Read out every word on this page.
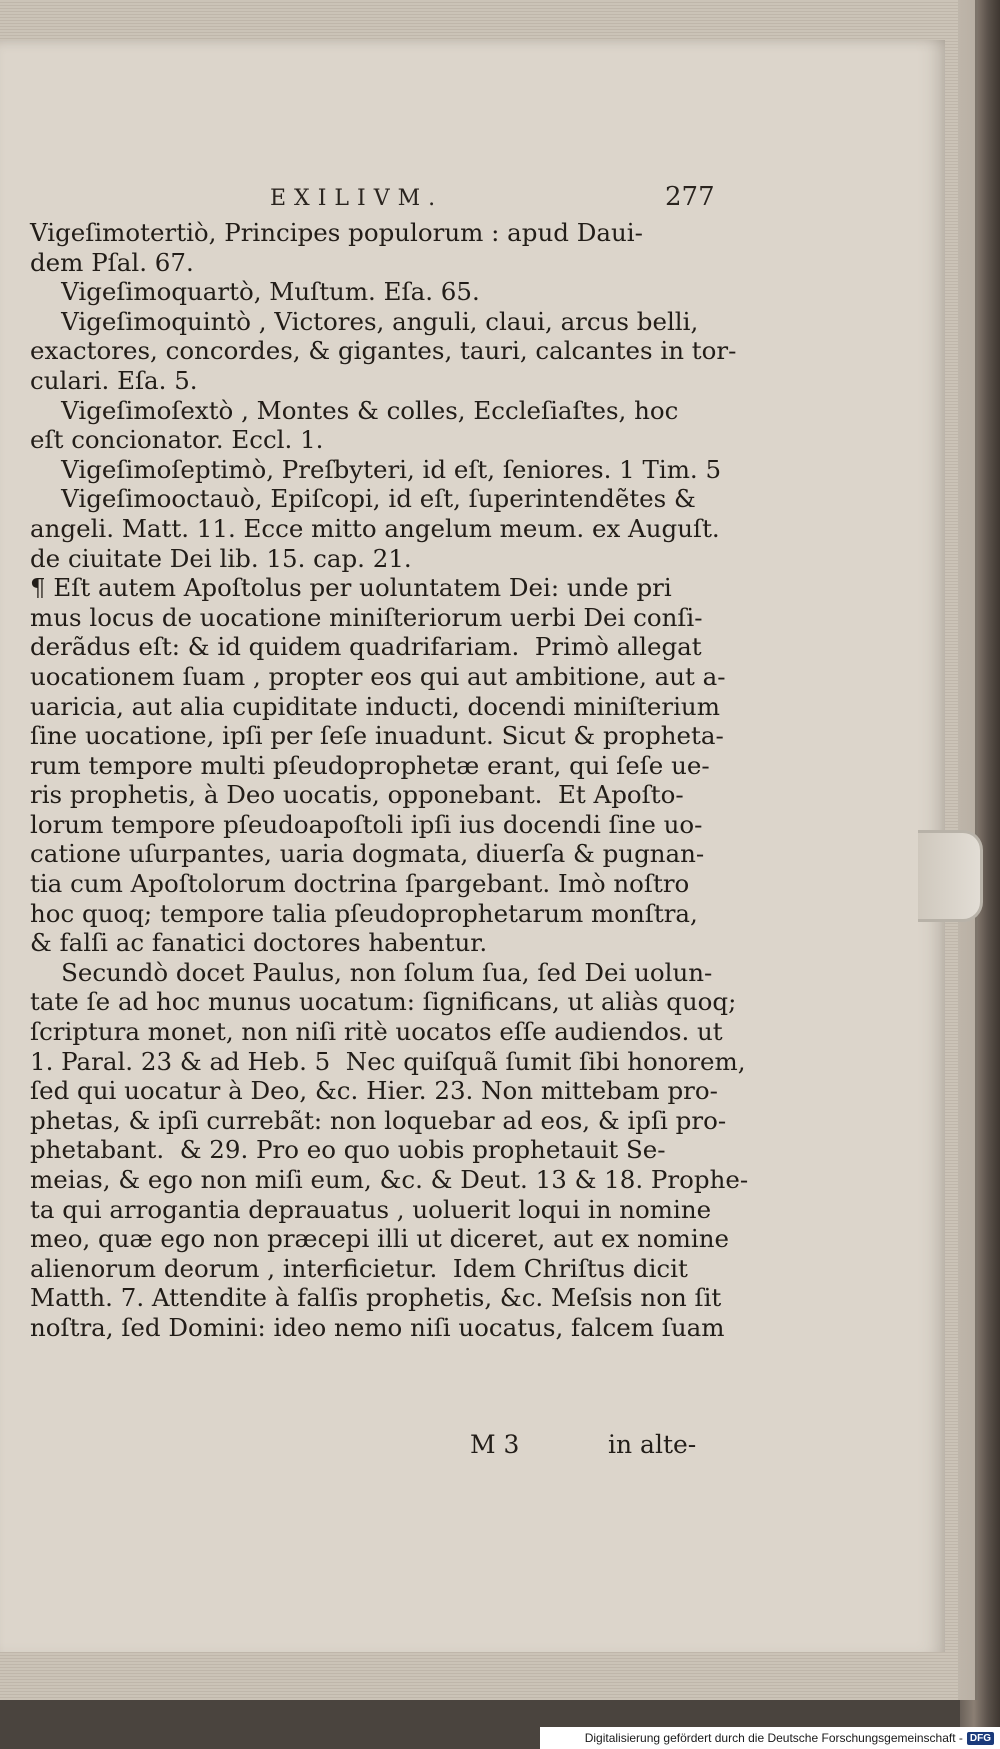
EXILIVM.	277
Vigeſimotertiò, Principes populorum : apud Daui-
dem Pſal. 67.
Vigeſimoquartò, Muſtum. Eſa. 65.
Vigeſimoquintò , Victores, anguli, claui, arcus belli,
exactores, concordes, & gigantes, tauri, calcantes in tor-
culari. Eſa. 5.
Vigeſimoſextò , Montes & colles, Eccleſiaſtes, hoc
eſt concionator. Eccl. 1.
Vigeſimoſeptimò, Preſbyteri, id eſt, ſeniores. 1 Tim. 5
Vigeſimooctauò, Epiſcopi, id eſt, ſuperintendẽtes &
angeli. Matt. 11. Ecce mitto angelum meum. ex Auguſt.
de ciuitate Dei lib. 15. cap. 21.
¶ Eſt autem Apoſtolus per uoluntatem Dei: unde pri
mus locus de uocatione miniſteriorum uerbi Dei conſi-
derãdus eſt: & id quidem quadrifariam.  Primò allegat
uocationem ſuam , propter eos qui aut ambitione, aut a-
uaricia, aut alia cupiditate inducti, docendi miniſterium
ſine uocatione, ipſi per ſeſe inuadunt. Sicut & propheta-
rum tempore multi pſeudoprophetæ erant, qui ſeſe ue-
ris prophetis, à Deo uocatis, opponebant.  Et Apoſto-
lorum tempore pſeudoapoſtoli ipſi ius docendi ſine uo-
catione uſurpantes, uaria dogmata, diuerſa & pugnan-
tia cum Apoſtolorum doctrina ſpargebant. Imò noſtro
hoc quoq; tempore talia pſeudoprophetarum monſtra,
& falſi ac fanatici doctores habentur.
Secundò docet Paulus, non ſolum ſua, ſed Dei uolun-
tate ſe ad hoc munus uocatum: ſignificans, ut aliàs quoq;
ſcriptura monet, non niſi ritè uocatos eſſe audiendos. ut
1. Paral. 23 & ad Heb. 5  Nec quiſquã ſumit ſibi honorem,
ſed qui uocatur à Deo, &c. Hier. 23. Non mittebam pro-
phetas, & ipſi currebãt: non loquebar ad eos, & ipſi pro-
phetabant.  & 29. Pro eo quo uobis prophetauit Se-
meias, & ego non miſi eum, &c. & Deut. 13 & 18. Prophe-
ta qui arrogantia deprauatus , uoluerit loqui in nomine
meo, quæ ego non præcepi illi ut diceret, aut ex nomine
alienorum deorum , interficietur.  Idem Chriſtus dicit
Matth. 7. Attendite à falſis prophetis, &c. Meſsis non ſit
noſtra, ſed Domini: ideo nemo niſi uocatus, falcem ſuam
M 3	in alte-
Digitalisierung gefördert durch die Deutsche Forschungsgemeinschaft - DFG
